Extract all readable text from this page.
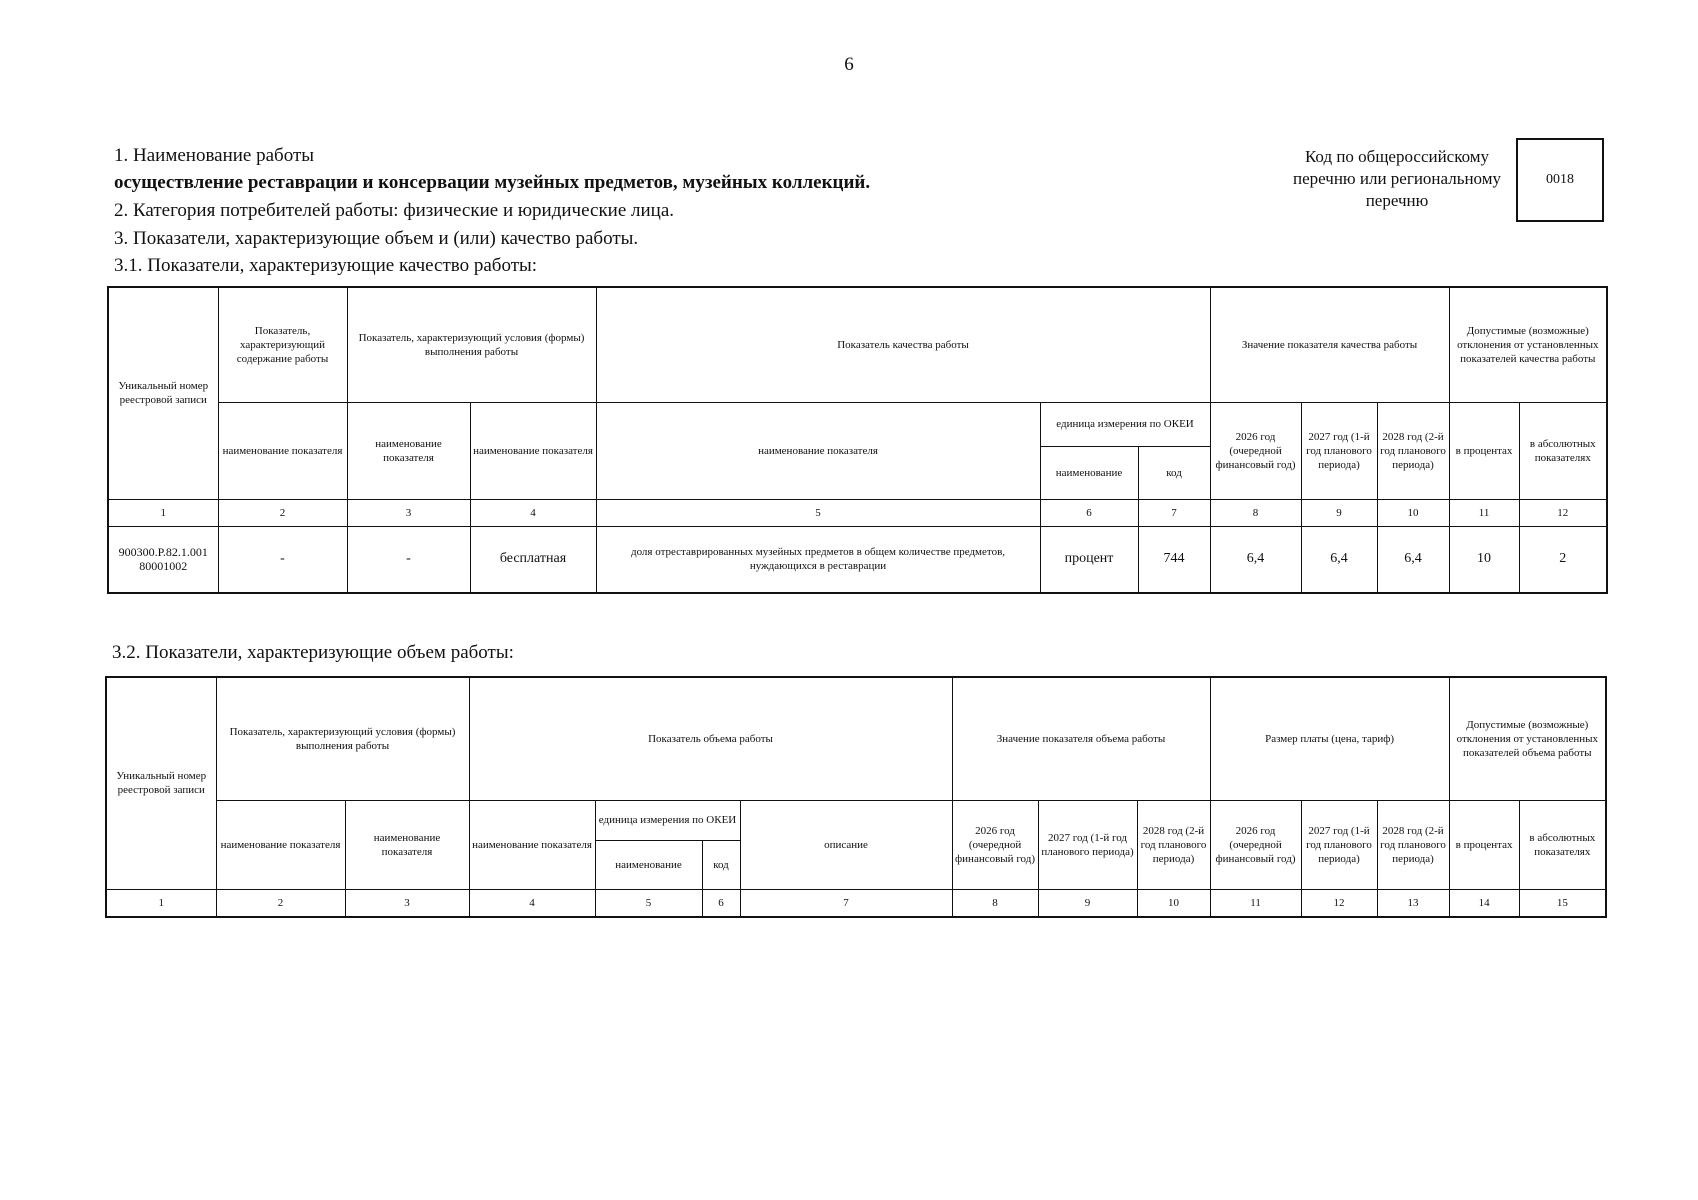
6
1. Наименование работы
осуществление реставрации и консервации музейных предметов, музейных коллекций.
2. Категория потребителей работы: физические и юридические лица.
3. Показатели, характеризующие объем и (или) качество работы.
3.1. Показатели, характеризующие качество работы:
Код по общероссийскому перечню или региональному перечню
0018
Уникальный номер реестровой записи	Показатель, характеризующий содержание работы	Показатель, характеризующий условия (формы) выполнения работы		Показатель качества работы			Значение показателя качества работы			Допустимые (возможные) отклонения от установленных показателей качества работы	
	наименование показателя	наименование показателя	наименование показателя	наименование показателя	единица измерения по ОКЕИ		2026 год (очередной финансовый год)	2027 год (1-й год планового периода)	2028 год (2-й год планового периода)	в процентах	в абсолютных показателях
					наименование	код					
1	2	3	4	5	6	7	8	9	10	11	12
900300.Р.82.1.001 80001002	-	-	бесплатная	доля отреставрированных музейных предметов в общем количестве предметов, нуждающихся в реставрации	процент	744	6,4	6,4	6,4	10	2
3.2. Показатели, характеризующие объем работы:
Уникальный номер реестровой записи	Показатель, характеризующий условия (формы) выполнения работы		Показатель объема работы				Значение показателя объема работы			Размер платы (цена, тариф)			Допустимые (возможные) отклонения от установленных показателей объема работы	
	наименование показателя	наименование показателя	наименование показателя	единица измерения по ОКЕИ		описание	2026 год (очередной финансовый год)	2027 год (1-й год планового периода)	2028 год (2-й год планового периода)	2026 год (очередной финансовый год)	2027 год (1-й год планового периода)	2028 год (2-й год планового периода)	в процентах	в абсолютных показателях
				наименование	код									
1	2	3	4	5	6	7	8	9	10	11	12	13	14	15
